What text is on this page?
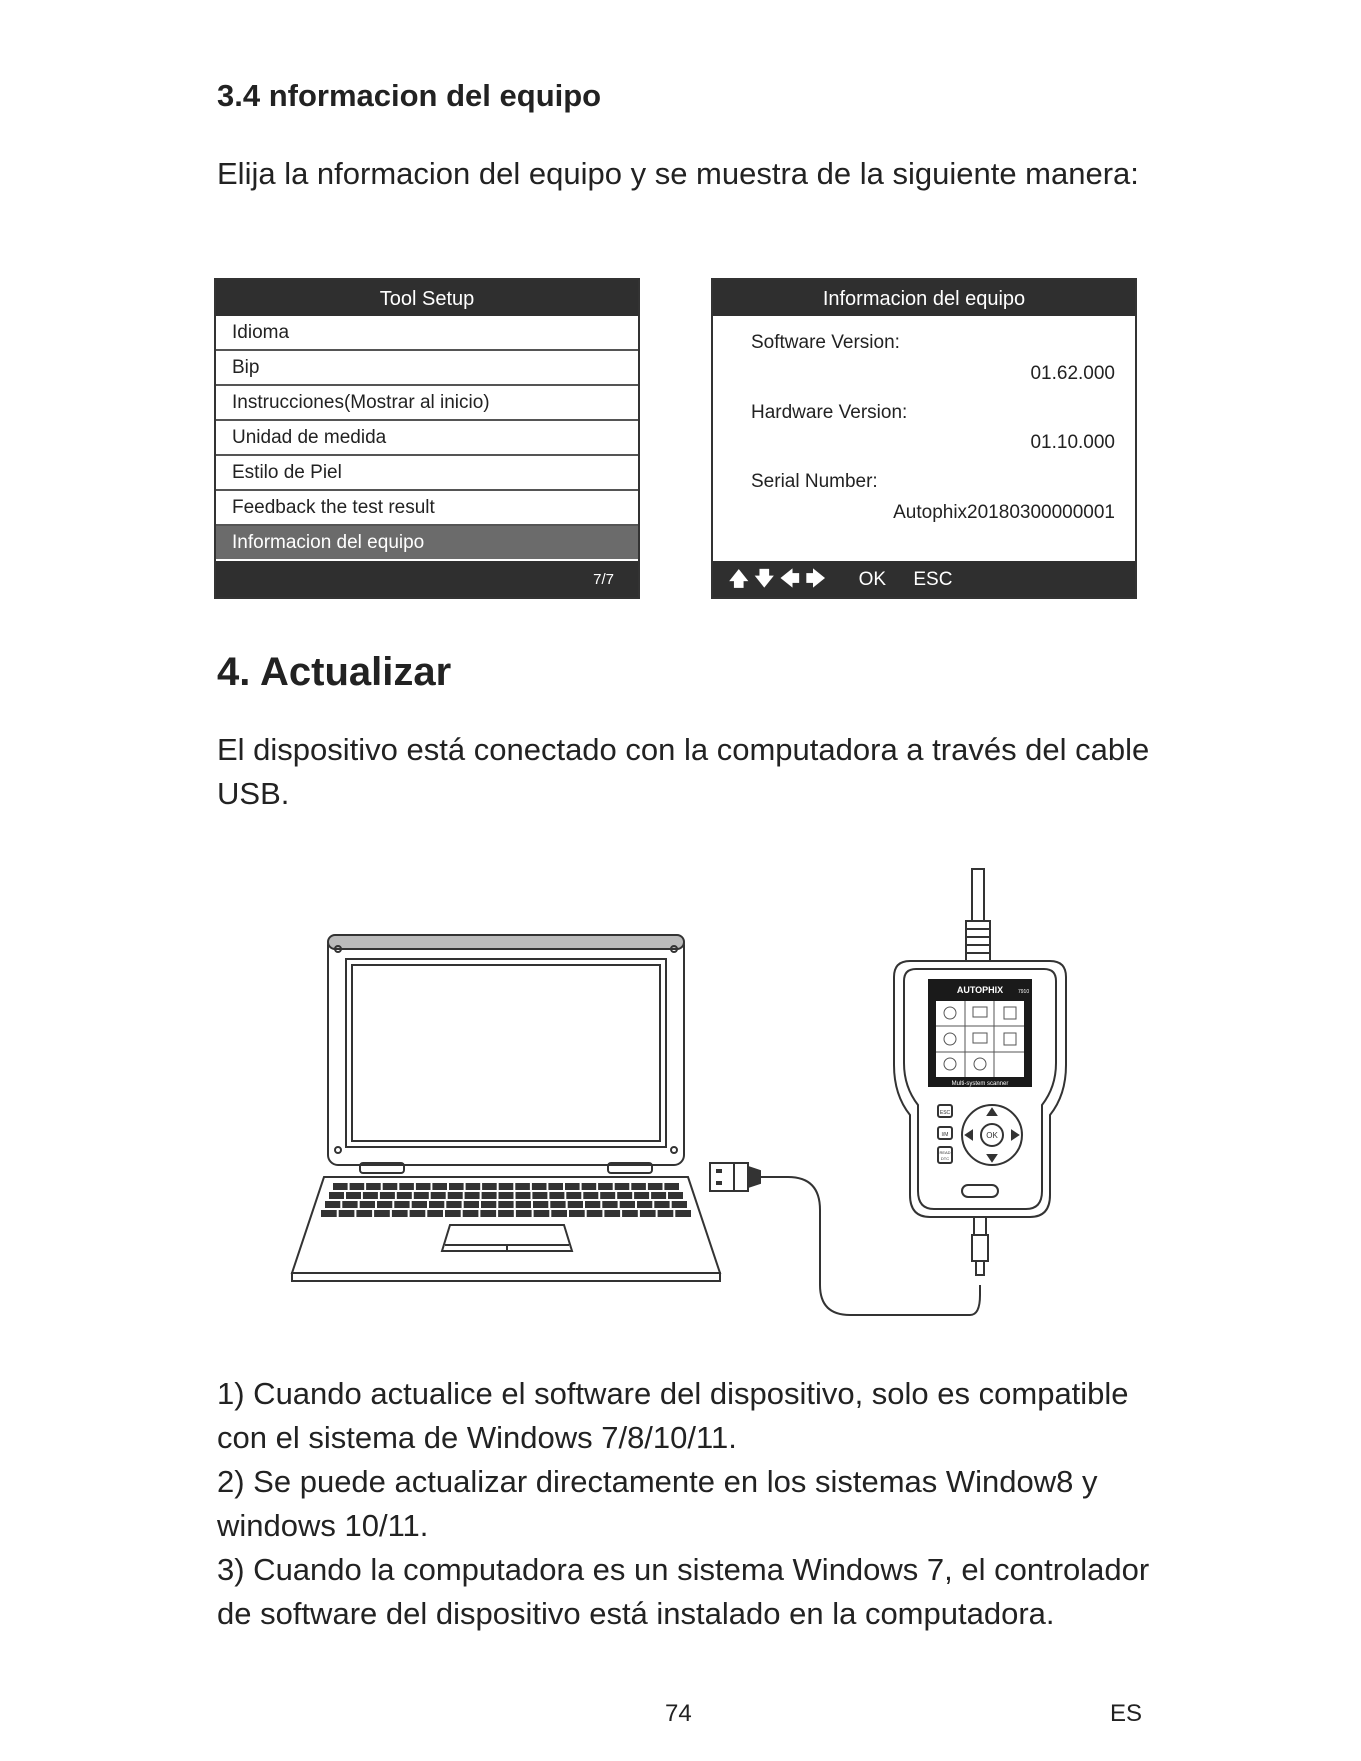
3.4 nformacion del equipo

Elija la nformacion del equipo y se muestra de la siguiente manera:

Tool Setup
Idioma
Bip
Instrucciones(Mostrar al inicio)
Unidad de medida
Estilo de Piel
Feedback the test result
Informacion del equipo
7/7
Informacion del equipo
Software Version:
01.62.000
Hardware Version:
01.10.000
Serial Number:
Autophix20180300000001
🡅🡇🡄🡆 OK ESC
4. Actualizar

El dispositivo está conectado con la computadora a través del cable USB.

AUTOPHIX	7910
Multi-system scanner
ESC
I/M
READ
DTC
OK

1) Cuando actualice el software del dispositivo, solo es compatible con el sistema de Windows 7/8/10/11.

2) Se puede actualizar directamente en los sistemas Window8 y windows 10/11.

3) Cuando la computadora es un sistema Windows 7, el controlador de software del dispositivo está instalado en la computadora.

74	ES
